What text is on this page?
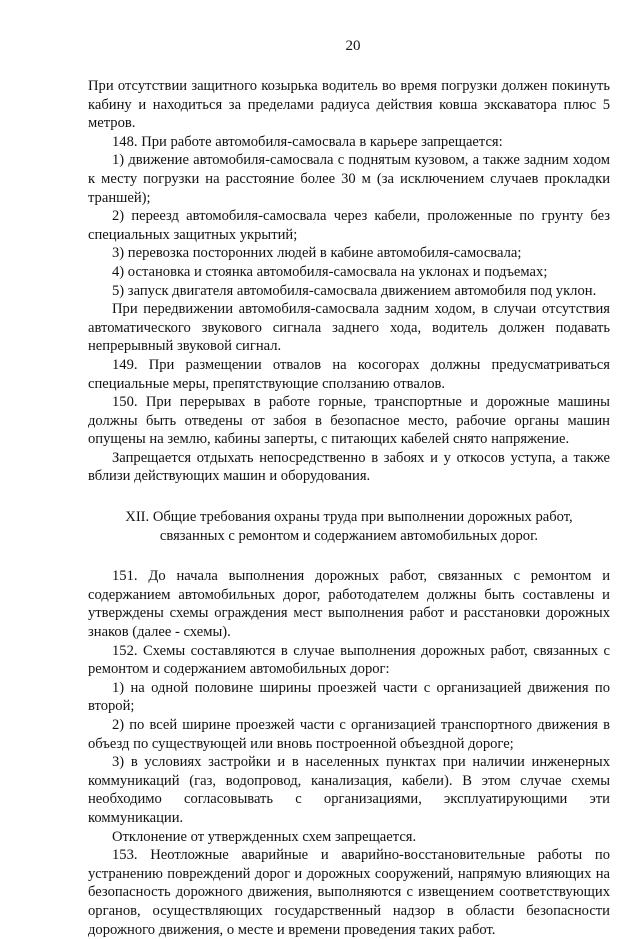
20

При отсутствии защитного козырька водитель во время погрузки должен покинуть кабину и находиться за пределами радиуса действия ковша экскаватора плюс 5 метров.

148. При работе автомобиля-самосвала в карьере запрещается:

1) движение автомобиля-самосвала с поднятым кузовом, а также задним ходом к месту погрузки на расстояние более 30 м (за исключением случаев прокладки траншей);

2) переезд автомобиля-самосвала через кабели, проложенные по грунту без специальных защитных укрытий;

3) перевозка посторонних людей в кабине автомобиля-самосвала;

4) остановка и стоянка автомобиля-самосвала на уклонах и подъемах;

5) запуск двигателя автомобиля-самосвала движением автомобиля под уклон.

При передвижении автомобиля-самосвала задним ходом, в случаи отсутствия автоматического звукового сигнала заднего хода, водитель должен подавать непрерывный звуковой сигнал.

149. При размещении отвалов на косогорах должны предусматриваться специальные меры, препятствующие сползанию отвалов.

150. При перерывах в работе горные, транспортные и дорожные машины должны быть отведены от забоя в безопасное место, рабочие органы машин опущены на землю, кабины заперты, с питающих кабелей снято напряжение.

Запрещается отдыхать непосредственно в забоях и у откосов уступа, а также вблизи действующих машин и оборудования.

XII. Общие требования охраны труда при выполнении дорожных работ,
связанных с ремонтом и содержанием автомобильных дорог.

151. До начала выполнения дорожных работ, связанных с ремонтом и содержанием автомобильных дорог, работодателем должны быть составлены и утверждены схемы ограждения мест выполнения работ и расстановки дорожных знаков (далее - схемы).

152. Схемы составляются в случае выполнения дорожных работ, связанных с ремонтом и содержанием автомобильных дорог:

1) на одной половине ширины проезжей части с организацией движения по второй;

2) по всей ширине проезжей части с организацией транспортного движения в объезд по существующей или вновь построенной объездной дороге;

3) в условиях застройки и в населенных пунктах при наличии инженерных коммуникаций (газ, водопровод, канализация, кабели). В этом случае схемы необходимо согласовывать с организациями, эксплуатирующими эти коммуникации.

Отклонение от утвержденных схем запрещается.

153. Неотложные аварийные и аварийно-восстановительные работы по устранению повреждений дорог и дорожных сооружений, напрямую влияющих на безопасность дорожного движения, выполняются с извещением соответствующих органов, осуществляющих государственный надзор в области безопасности дорожного движения, о месте и времени проведения таких работ.
